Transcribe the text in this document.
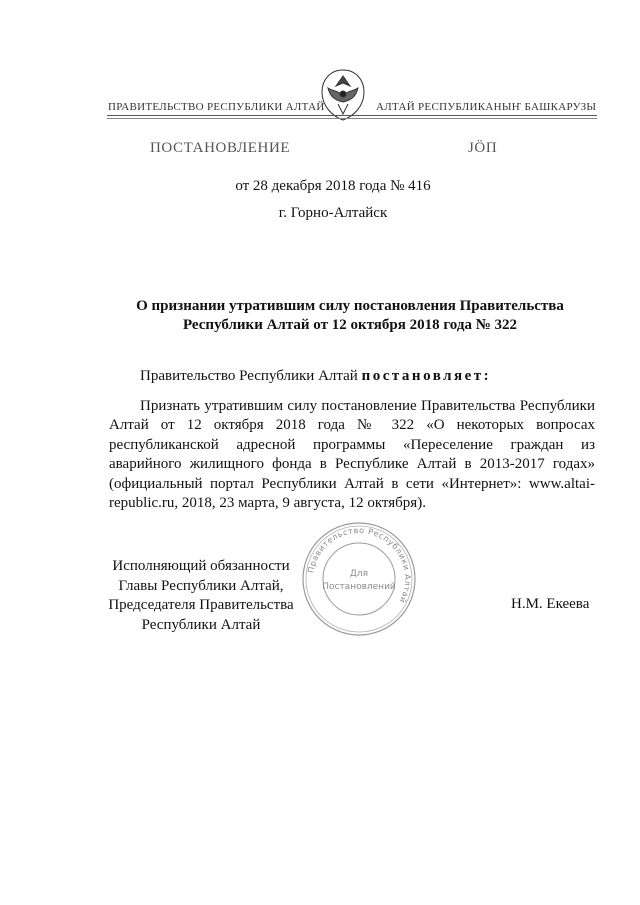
ПРАВИТЕЛЬСТВО РЕСПУБЛИКИ АЛТАЙ	АЛТАЙ РЕСПУБЛИКАНЫҤ БАШКАРУЗЫ
ПОСТАНОВЛЕНИЕ	ЈӦП
от 28 декабря 2018 года № 416
г. Горно-Алтайск
О признании утратившим силу постановления Правительства Республики Алтай от 12 октября 2018 года № 322
Правительство Республики Алтай постановляет:
Признать утратившим силу постановление Правительства Республики Алтай от 12 октября 2018 года № 322 «О некоторых вопросах республиканской адресной программы «Переселение граждан из аварийного жилищного фонда в Республике Алтай в 2013-2017 годах» (официальный портал Республики Алтай в сети «Интернет»: www.altai-republic.ru, 2018, 23 марта, 9 августа, 12 октября).
Исполняющий обязанности
Главы Республики Алтай,
Председателя Правительства
Республики Алтай
Н.М. Екеева
Правительство Республики Алтай
Для
Постановлений
